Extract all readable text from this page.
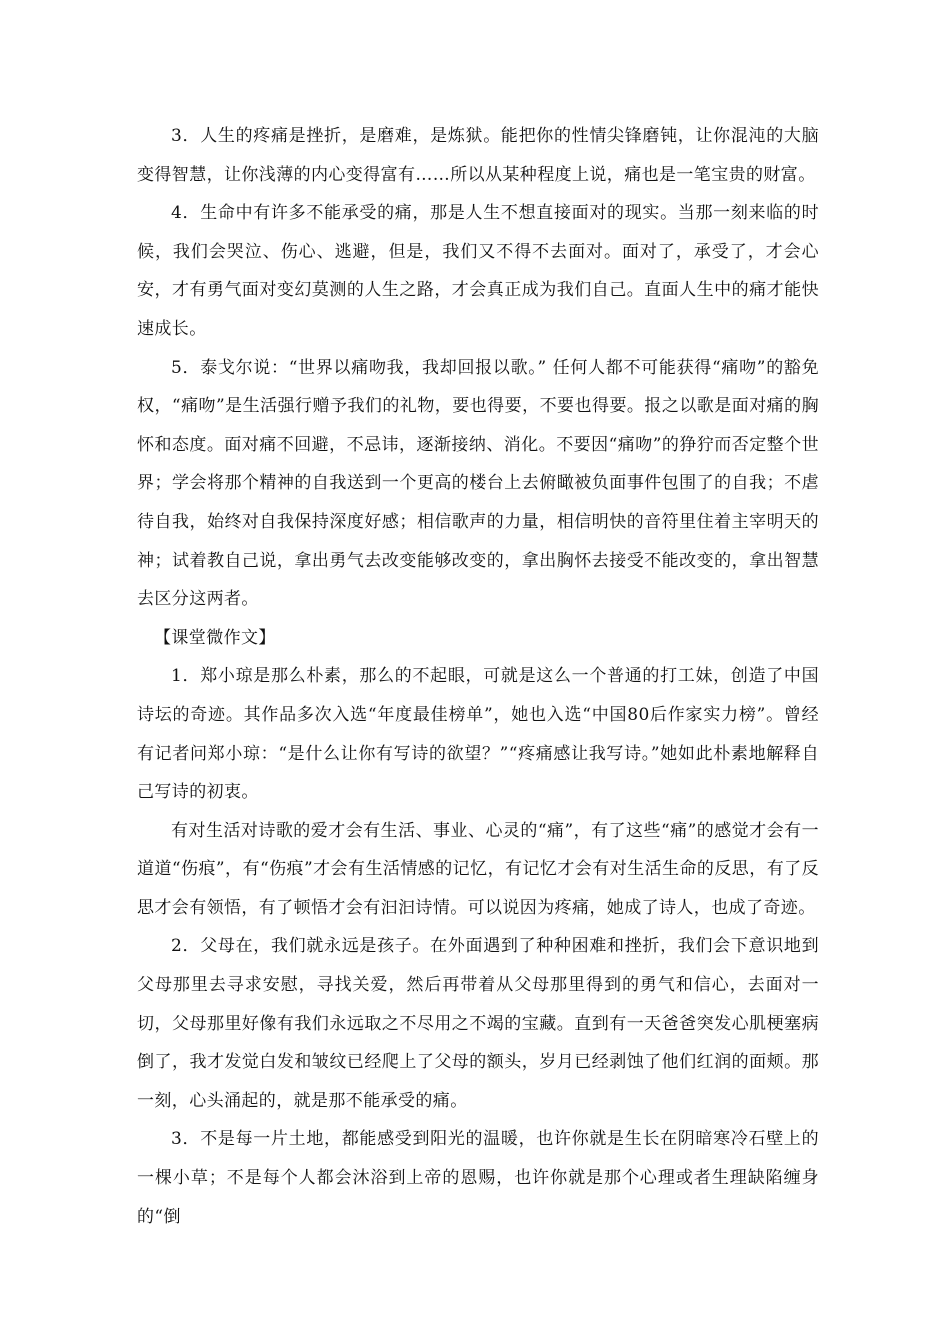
3．人生的疼痛是挫折，是磨难，是炼狱。能把你的性情尖锋磨钝，让你混沌的大脑变得智慧，让你浅薄的内心变得富有……所以从某种程度上说，痛也是一笔宝贵的财富。

4．生命中有许多不能承受的痛，那是人生不想直接面对的现实。当那一刻来临的时候，我们会哭泣、伤心、逃避，但是，我们又不得不去面对。面对了，承受了，才会心安，才有勇气面对变幻莫测的人生之路，才会真正成为我们自己。直面人生中的痛才能快速成长。

5．泰戈尔说：“世界以痛吻我，我却回报以歌。” 任何人都不可能获得“痛吻”的豁免权，“痛吻”是生活强行赠予我们的礼物，要也得要，不要也得要。报之以歌是面对痛的胸怀和态度。面对痛不回避，不忌讳，逐渐接纳、消化。不要因“痛吻”的狰狞而否定整个世界；学会将那个精神的自我送到一个更高的楼台上去俯瞰被负面事件包围了的自我；不虐待自我，始终对自我保持深度好感；相信歌声的力量，相信明快的音符里住着主宰明天的神；试着教自己说，拿出勇气去改变能够改变的，拿出胸怀去接受不能改变的，拿出智慧去区分这两者。

【课堂微作文】

1．郑小琼是那么朴素，那么的不起眼，可就是这么一个普通的打工妹，创造了中国诗坛的奇迹。其作品多次入选“年度最佳榜单”，她也入选“中国80后作家实力榜”。曾经有记者问郑小琼：“是什么让你有写诗的欲望？”“疼痛感让我写诗。”她如此朴素地解释自己写诗的初衷。

有对生活对诗歌的爱才会有生活、事业、心灵的“痛”，有了这些“痛”的感觉才会有一道道“伤痕”，有“伤痕”才会有生活情感的记忆，有记忆才会有对生活生命的反思，有了反思才会有领悟，有了顿悟才会有汩汩诗情。可以说因为疼痛，她成了诗人，也成了奇迹。

2．父母在，我们就永远是孩子。在外面遇到了种种困难和挫折，我们会下意识地到父母那里去寻求安慰，寻找关爱，然后再带着从父母那里得到的勇气和信心，去面对一切，父母那里好像有我们永远取之不尽用之不竭的宝藏。直到有一天爸爸突发心肌梗塞病倒了，我才发觉白发和皱纹已经爬上了父母的额头，岁月已经剥蚀了他们红润的面颊。那一刻，心头涌起的，就是那不能承受的痛。

3．不是每一片土地，都能感受到阳光的温暖，也许你就是生长在阴暗寒冷石壁上的一棵小草；不是每个人都会沐浴到上帝的恩赐，也许你就是那个心理或者生理缺陷缠身的“倒
